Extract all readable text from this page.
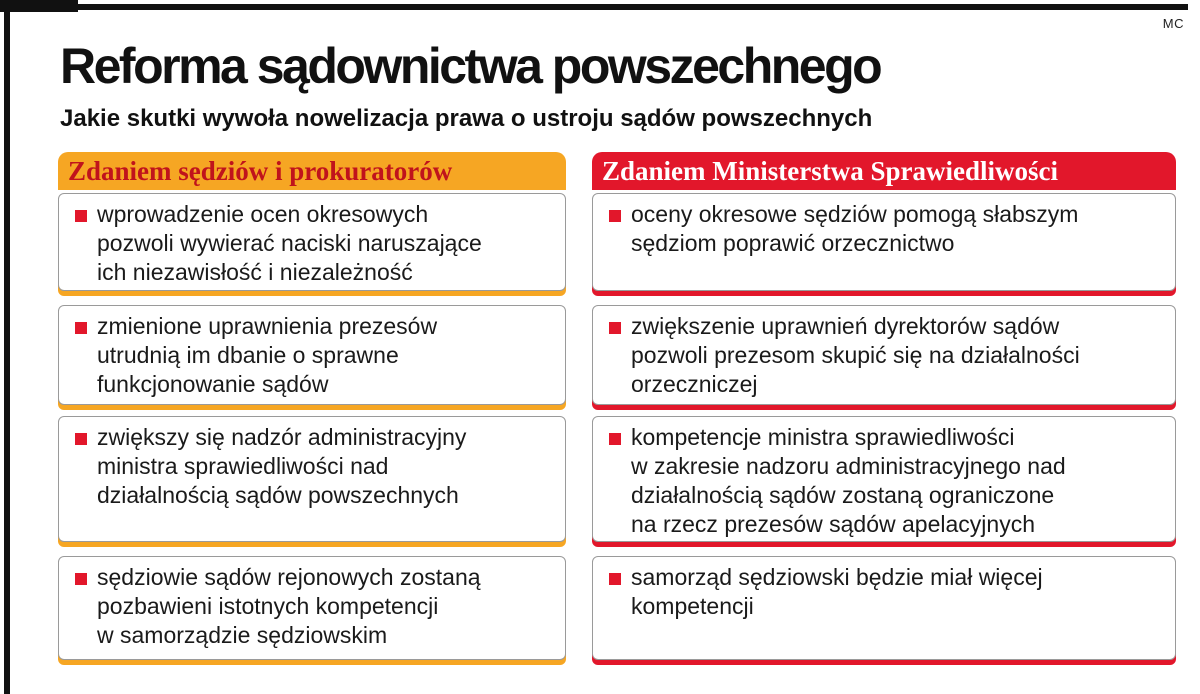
MC
Reforma sądownictwa powszechnego
Jakie skutki wywoła nowelizacja prawa o ustroju sądów powszechnych
Zdaniem sędziów i prokuratorów
wprowadzenie ocen okresowych
pozwoli wywierać naciski naruszające
ich niezawisłość i niezależność
zmienione uprawnienia prezesów
utrudnią im dbanie o sprawne
funkcjonowanie sądów
zwiększy się nadzór administracyjny
ministra sprawiedliwości nad
działalnością sądów powszechnych
sędziowie sądów rejonowych zostaną
pozbawieni istotnych kompetencji
w samorządzie sędziowskim
Zdaniem Ministerstwa Sprawiedliwości
oceny okresowe sędziów pomogą słabszym
sędziom poprawić orzecznictwo
zwiększenie uprawnień dyrektorów sądów
pozwoli prezesom skupić się na działalności
orzeczniczej
kompetencje ministra sprawiedliwości
w zakresie nadzoru administracyjnego nad
działalnością sądów zostaną ograniczone
na rzecz prezesów sądów apelacyjnych
samorząd sędziowski będzie miał więcej
kompetencji
